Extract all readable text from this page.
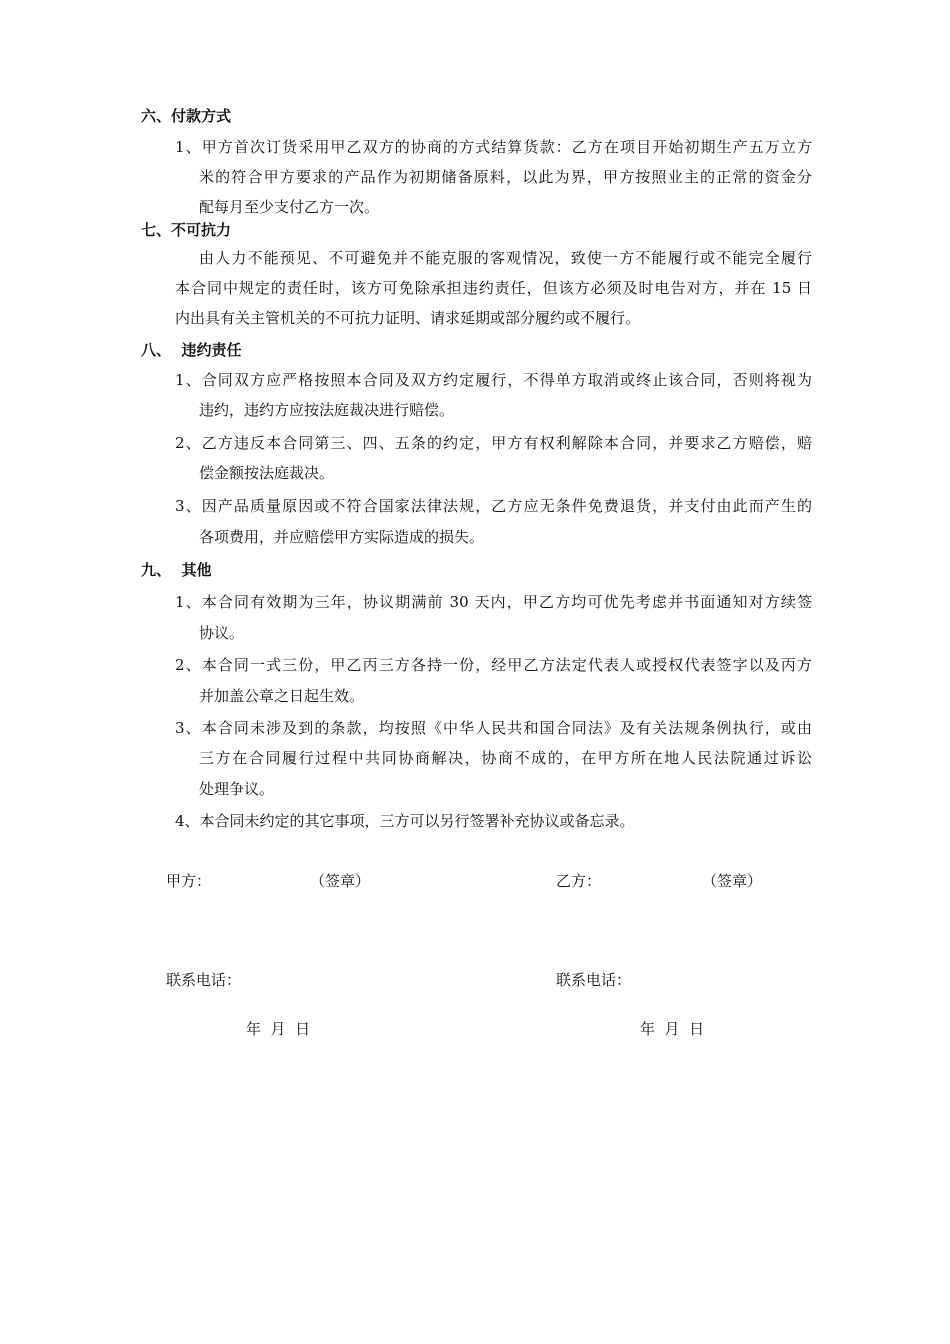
六、付款方式
1、甲方首次订货采用甲乙双方的协商的方式结算货款：乙方在项目开始初期生产五万立方
米的符合甲方要求的产品作为初期储备原料，以此为界，甲方按照业主的正常的资金分
配每月至少支付乙方一次。
七、不可抗力
由人力不能预见、不可避免并不能克服的客观情况，致使一方不能履行或不能完全履行
本合同中规定的责任时，该方可免除承担违约责任，但该方必须及时电告对方，并在 15 日
内出具有关主管机关的不可抗力证明、请求延期或部分履约或不履行。
八、  违约责任
1、合同双方应严格按照本合同及双方约定履行，不得单方取消或终止该合同，否则将视为
违约，违约方应按法庭裁决进行赔偿。
2、乙方违反本合同第三、四、五条的约定，甲方有权利解除本合同，并要求乙方赔偿，赔
偿金额按法庭裁决。
3、因产品质量原因或不符合国家法律法规，乙方应无条件免费退货，并支付由此而产生的
各项费用，并应赔偿甲方实际造成的损失。
九、  其他
1、本合同有效期为三年，协议期满前 30 天内，甲乙方均可优先考虑并书面通知对方续签
协议。
2、本合同一式三份，甲乙丙三方各持一份，经甲乙方法定代表人或授权代表签字以及丙方
并加盖公章之日起生效。
3、本合同未涉及到的条款，均按照《中华人民共和国合同法》及有关法规条例执行，或由
三方在合同履行过程中共同协商解决，协商不成的，在甲方所在地人民法院通过诉讼
处理争议。
4、本合同未约定的其它事项，三方可以另行签署补充协议或备忘录。
甲方：	（签章）	乙方：	（签章）
联系电话：	联系电话：
年  月  日	年  月  日
